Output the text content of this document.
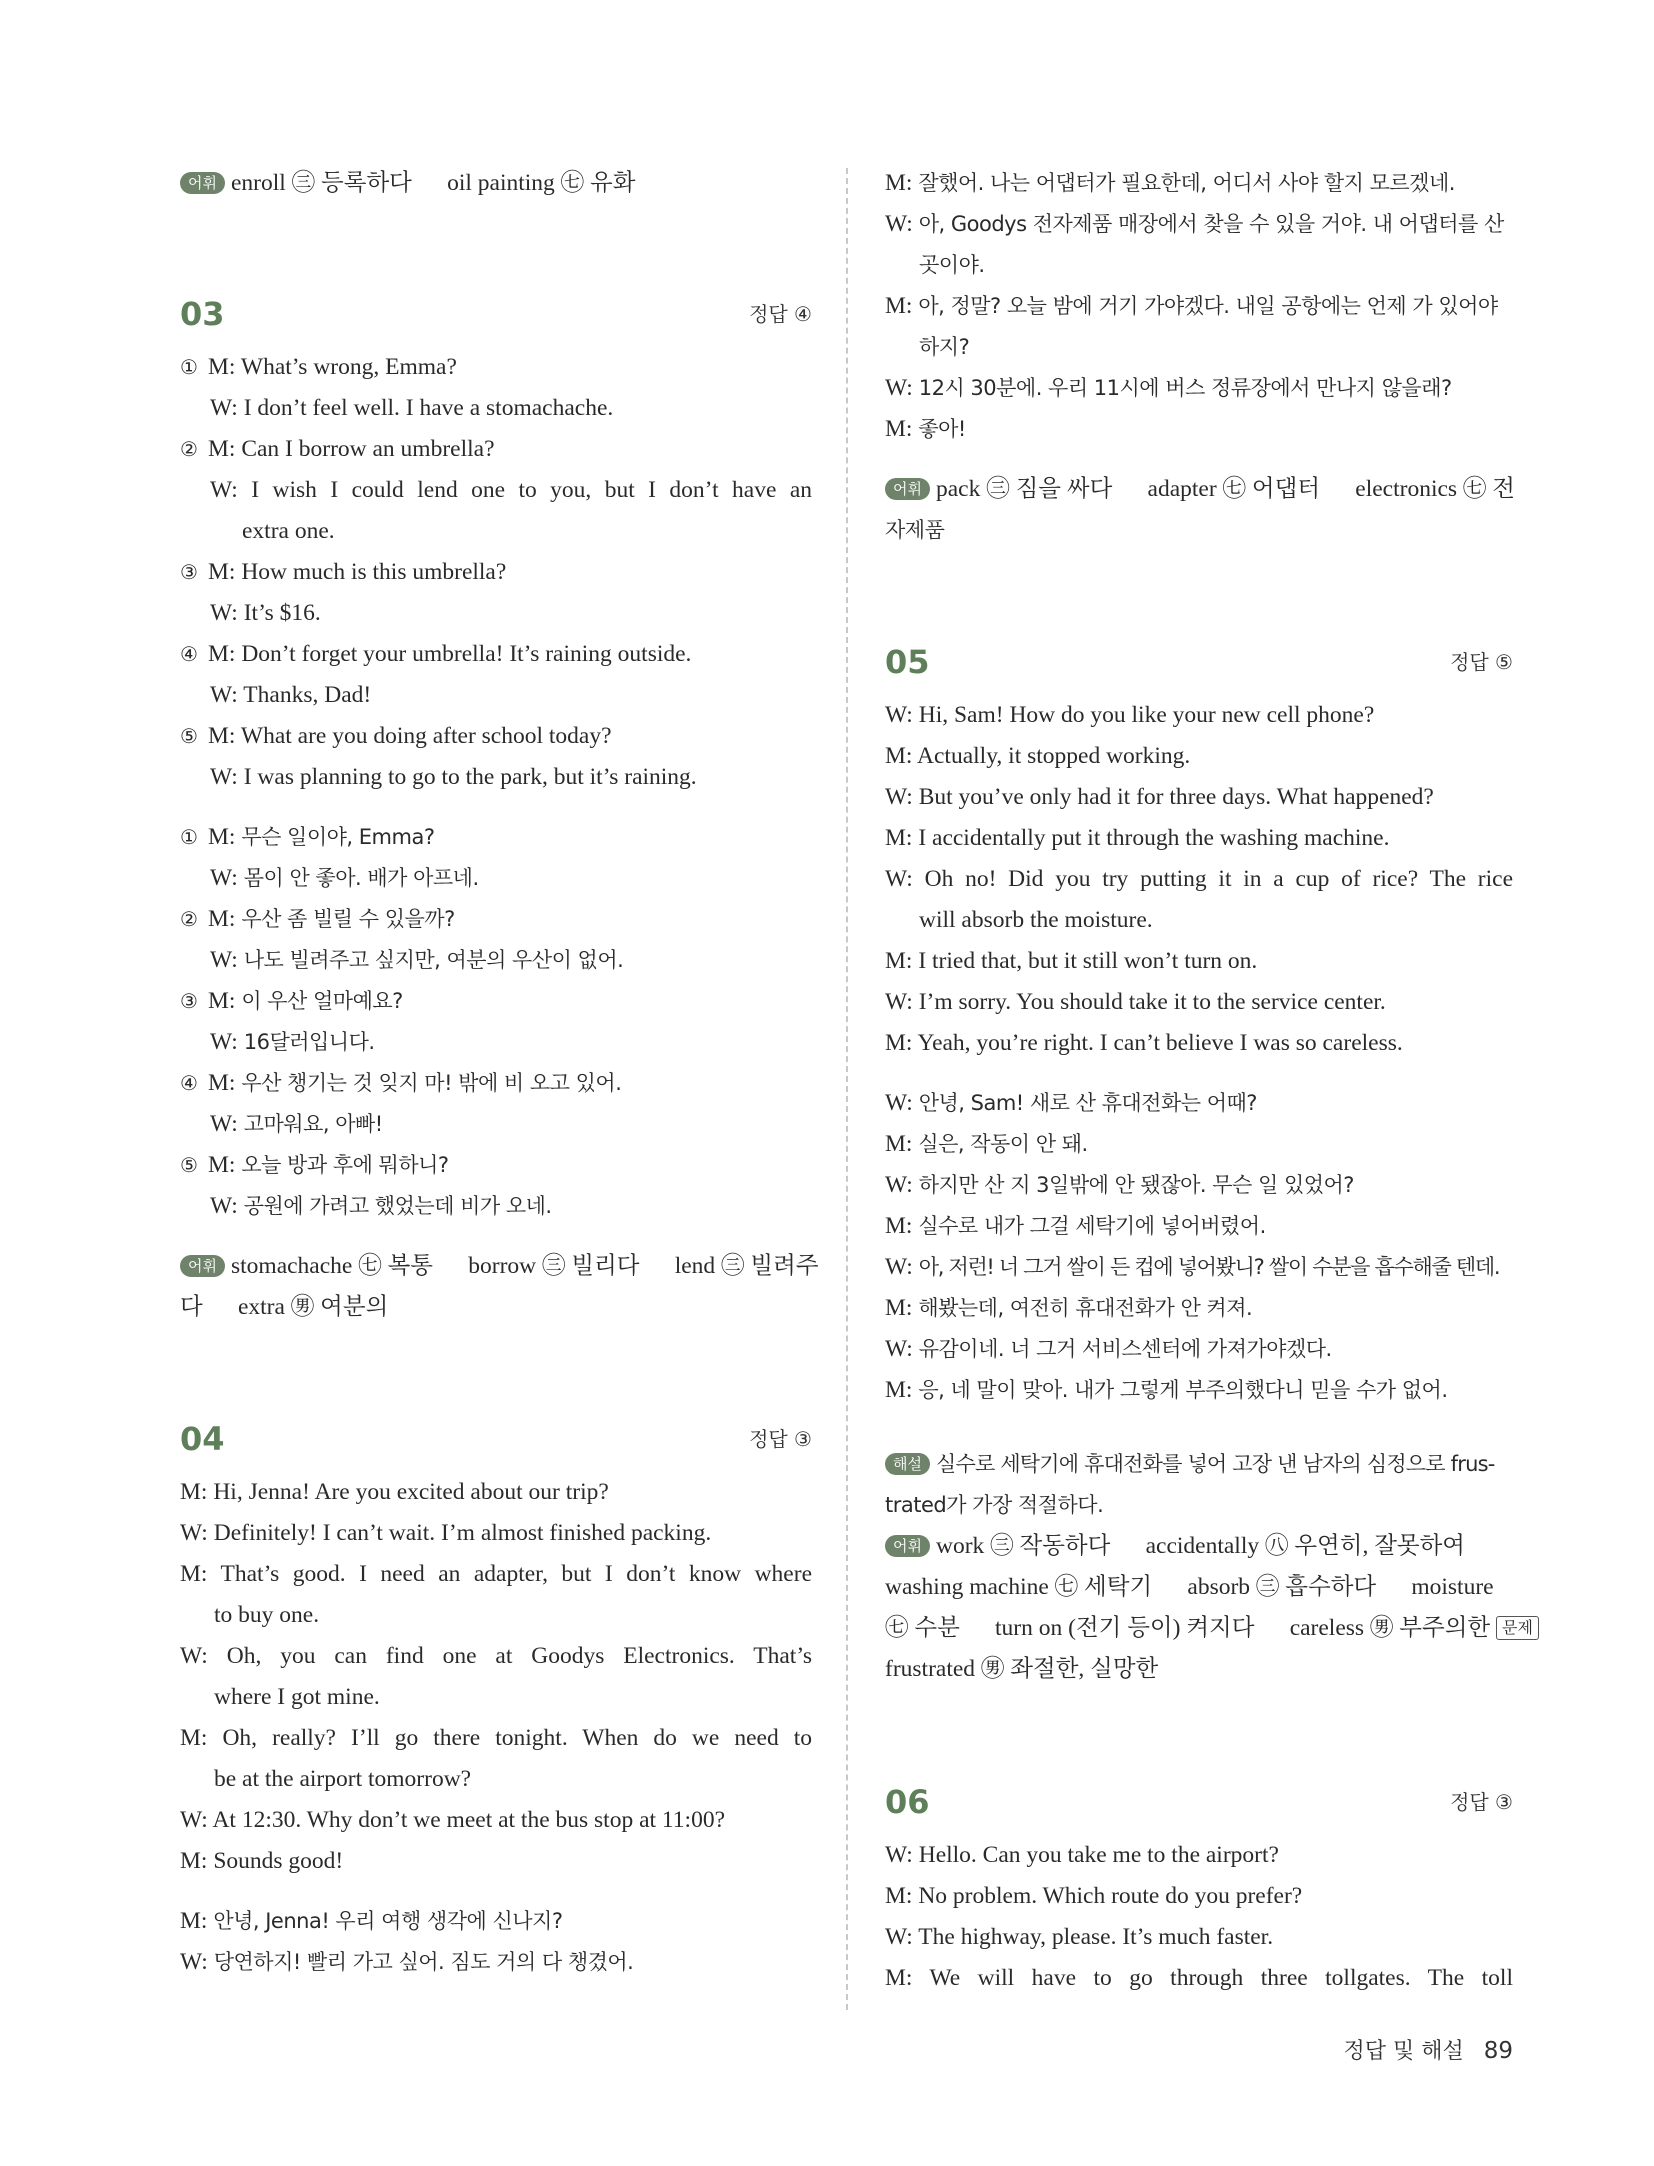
어휘 enroll ㊂ 등록하다      oil painting ㊆ 유화
03	정답 ④
① M: What’s wrong, Emma?
W: I don’t feel well. I have a stomachache.
② M: Can I borrow an umbrella?
W: I wish I could lend one to you, but I don’t have an
extra one.
③ M: How much is this umbrella?
W: It’s $16.
④ M: Don’t forget your umbrella! It’s raining outside.
W: Thanks, Dad!
⑤ M: What are you doing after school today?
W: I was planning to go to the park, but it’s raining.
① M: 무슨 일이야, Emma?
W: 몸이 안 좋아. 배가 아프네.
② M: 우산 좀 빌릴 수 있을까?
W: 나도 빌려주고 싶지만, 여분의 우산이 없어.
③ M: 이 우산 얼마예요?
W: 16달러입니다.
④ M: 우산 챙기는 것 잊지 마! 밖에 비 오고 있어.
W: 고마워요, 아빠!
⑤ M: 오늘 방과 후에 뭐하니?
W: 공원에 가려고 했었는데 비가 오네.
어휘 stomachache ㊆ 복통      borrow ㊂ 빌리다      lend ㊂ 빌려주
다      extra ㊚ 여분의
04	정답 ③
M: Hi, Jenna! Are you excited about our trip?
W: Definitely! I can’t wait. I’m almost finished packing.
M: That’s good. I need an adapter, but I don’t know where
to buy one.
W: Oh, you can find one at Goodys Electronics. That’s
where I got mine.
M: Oh, really? I’ll go there tonight. When do we need to
be at the airport tomorrow?
W: At 12:30. Why don’t we meet at the bus stop at 11:00?
M: Sounds good!
M: 안녕, Jenna! 우리 여행 생각에 신나지?
W: 당연하지! 빨리 가고 싶어. 짐도 거의 다 챙겼어.
M: 잘했어. 나는 어댑터가 필요한데, 어디서 사야 할지 모르겠네.
W: 아, Goodys 전자제품 매장에서 찾을 수 있을 거야. 내 어댑터를 산
곳이야.
M: 아, 정말? 오늘 밤에 거기 가야겠다. 내일 공항에는 언제 가 있어야
하지?
W: 12시 30분에. 우리 11시에 버스 정류장에서 만나지 않을래?
M: 좋아!
어휘 pack ㊂ 짐을 싸다      adapter ㊆ 어댑터      electronics ㊆ 전
자제품
05	정답 ⑤
W: Hi, Sam! How do you like your new cell phone?
M: Actually, it stopped working.
W: But you’ve only had it for three days. What happened?
M: I accidentally put it through the washing machine.
W: Oh no! Did you try putting it in a cup of rice? The rice
will absorb the moisture.
M: I tried that, but it still won’t turn on.
W: I’m sorry. You should take it to the service center.
M: Yeah, you’re right. I can’t believe I was so careless.
W: 안녕, Sam! 새로 산 휴대전화는 어때?
M: 실은, 작동이 안 돼.
W: 하지만 산 지 3일밖에 안 됐잖아. 무슨 일 있었어?
M: 실수로 내가 그걸 세탁기에 넣어버렸어.
W: 아, 저런! 너 그거 쌀이 든 컵에 넣어봤니? 쌀이 수분을 흡수해줄 텐데.
M: 해봤는데, 여전히 휴대전화가 안 켜져.
W: 유감이네. 너 그거 서비스센터에 가져가야겠다.
M: 응, 네 말이 맞아. 내가 그렇게 부주의했다니 믿을 수가 없어.
해설 실수로 세탁기에 휴대전화를 넣어 고장 낸 남자의 심정으로 frus-
trated가 가장 적절하다.
어휘 work ㊂ 작동하다      accidentally ㊇ 우연히, 잘못하여
washing machine ㊆ 세탁기      absorb ㊂ 흡수하다      moisture
㊆ 수분      turn on (전기 등이) 켜지다      careless ㊚ 부주의한 문제
frustrated ㊚ 좌절한, 실망한
06	정답 ③
W: Hello. Can you take me to the airport?
M: No problem. Which route do you prefer?
W: The highway, please. It’s much faster.
M: We will have to go through three tollgates. The toll
정답 및 해설 89
